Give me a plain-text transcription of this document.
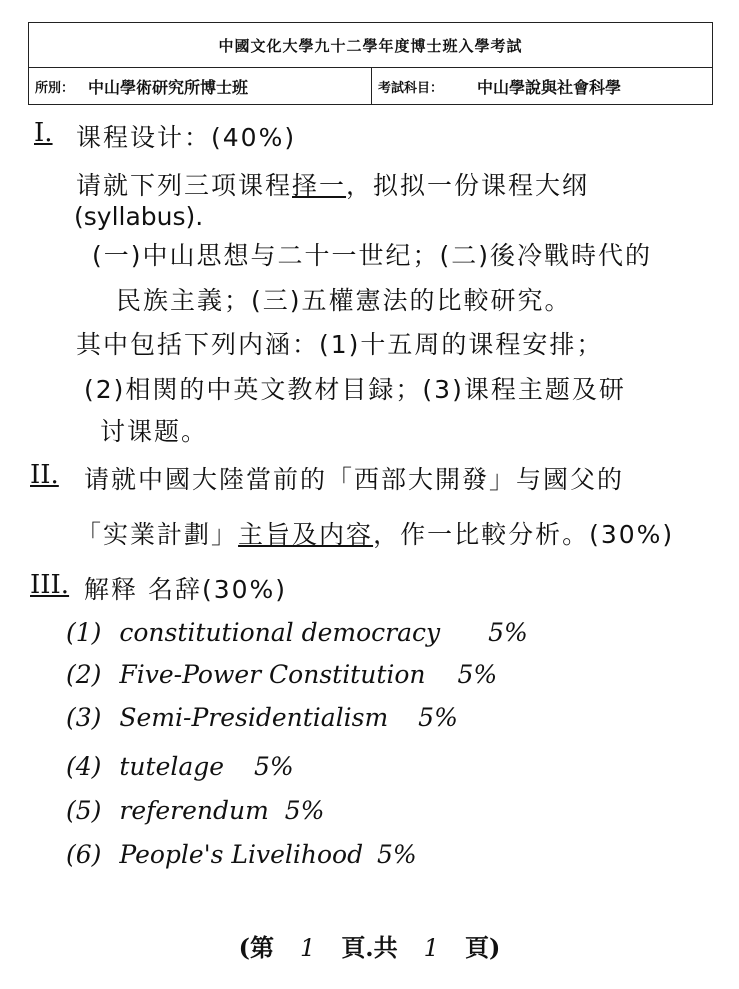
中國文化大學九十二學年度博士班入學考試
所別： 中山學術研究所博士班	考試科目： 中山學說與社會科學
I. 课程设计：(40%)
请就下列三项课程择一，拟拟一份课程大纲
(syllabus).
(一)中山思想与二十一世纪；(二)後冷戰時代的
民族主義；(三)五權憲法的比較研究。
其中包括下列内涵：(1)十五周的课程安排；
(2)相関的中英文教材目録；(3)课程主题及研
讨课题。
II. 请就中國大陸當前的「西部大開發」与國父的
「实業計劃」主旨及内容，作一比較分析。(30%)
III. 解释 名辞(30%)
(1) constitutional democracy 5%
(2) Five-Power Constitution 5%
(3) Semi-Presidentialism 5%
(4) tutelage 5%
(5) referendum 5%
(6) People's Livelihood 5%
(第 1 頁.共 1 頁)
